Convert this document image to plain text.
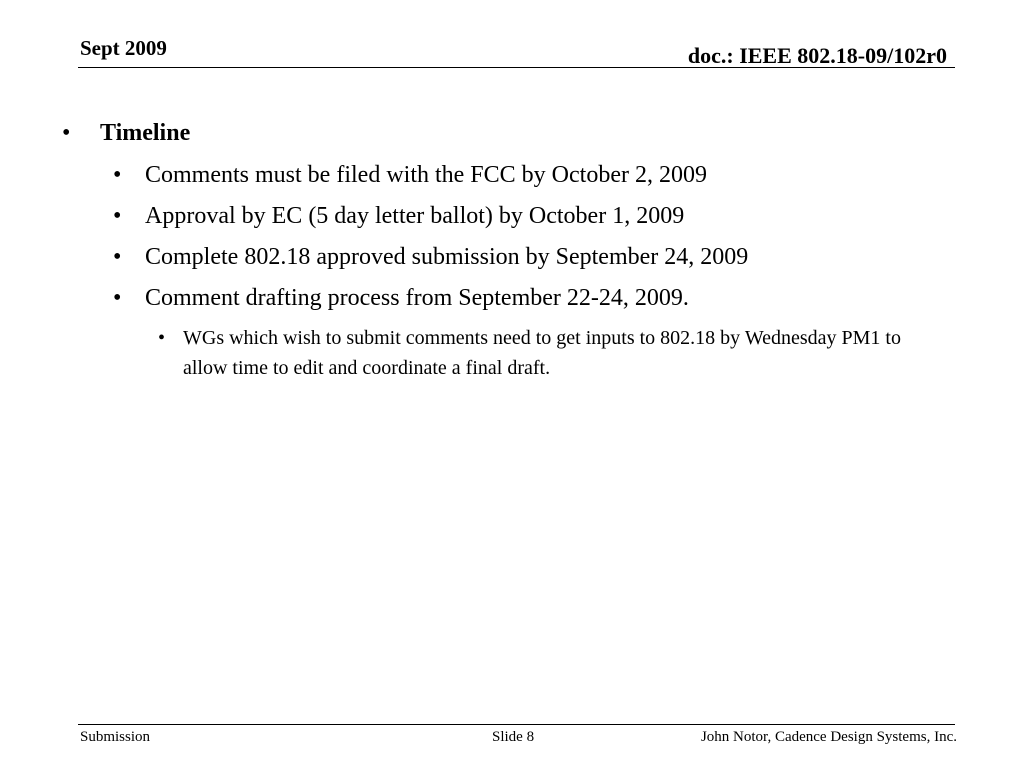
Sept 2009	doc.: IEEE 802.18-09/102r0
• Timeline
• Comments must be filed with the FCC by October 2, 2009
• Approval by EC (5 day letter ballot) by October 1, 2009
• Complete 802.18 approved submission by September 24, 2009
• Comment drafting process from September 22-24, 2009.
• WGs which wish to submit comments need to get inputs to 802.18 by Wednesday PM1 to allow time to edit and coordinate a final draft.
Submission	Slide 8	John Notor, Cadence Design Systems, Inc.
